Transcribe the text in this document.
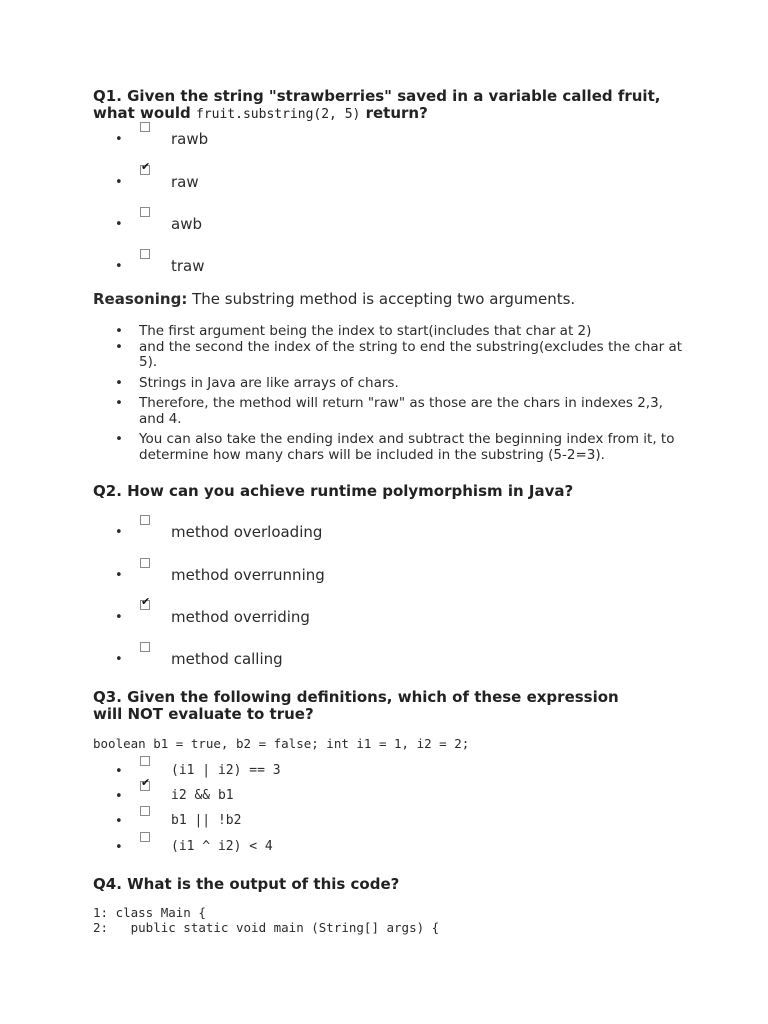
Q1. Given the string "strawberries" saved in a variable called fruit, what would fruit.substring(2, 5) return?
•	rawb
•
✔
raw
•	awb
•	traw
Reasoning: The substring method is accepting two arguments.
• The first argument being the index to start(includes that char at 2)
• and the second the index of the string to end the substring(excludes the char at 5).
• Strings in Java are like arrays of chars.
• Therefore, the method will return "raw" as those are the chars in indexes 2,3, and 4.
• You can also take the ending index and subtract the beginning index from it, to determine how many chars will be included in the substring (5-2=3).
Q2. How can you achieve runtime polymorphism in Java?
•	method overloading
•	method overrunning
•
✔
method overriding
•	method calling
Q3. Given the following definitions, which of these expression will NOT evaluate to true?
boolean b1 = true, b2 = false; int i1 = 1, i2 = 2;
•	(i1 | i2) == 3
•
✔
i2 && b1
•	b1 || !b2
•	(i1 ^ i2) < 4
Q4. What is the output of this code?
1: class Main {
2:   public static void main (String[] args) {
